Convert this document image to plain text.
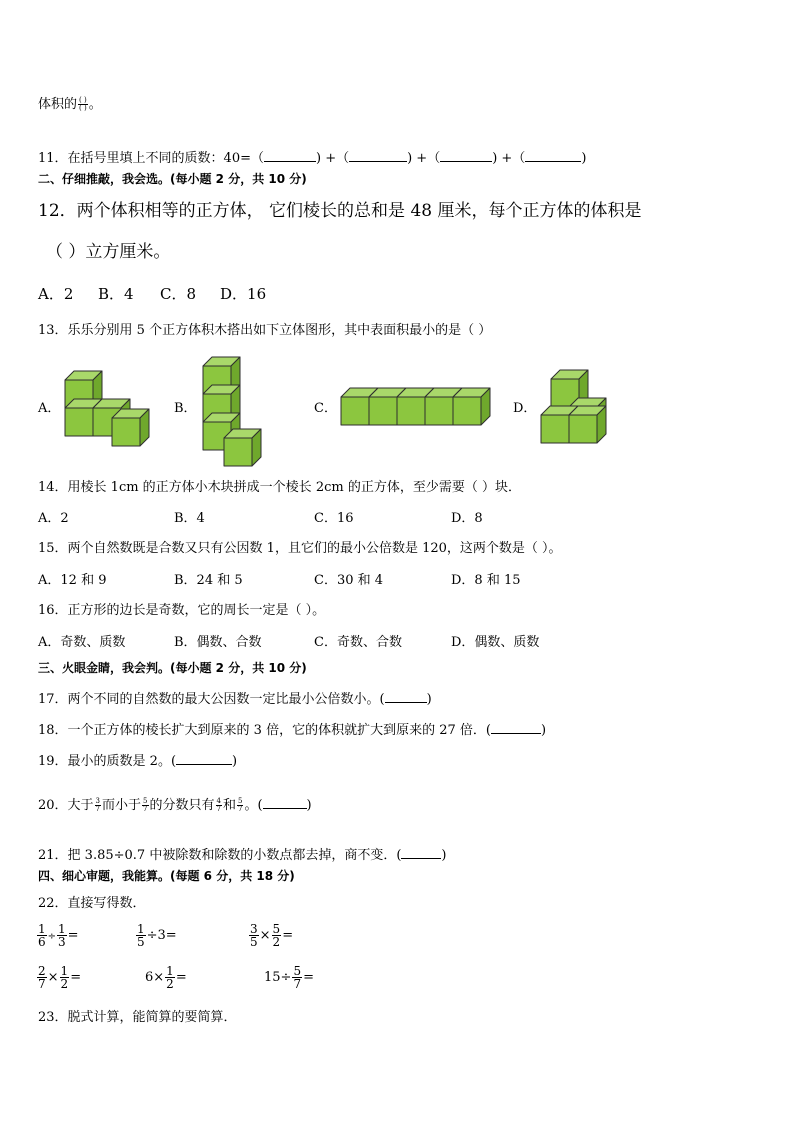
体积的 $\frac{( )}{( )}$ 。
11．在括号里填上不同的质数：40=（	) +（	) +（	) +（	)
二、仔细推敲，我会选。(每小题 2 分，共 10 分)
12．两个体积相等的正方体， 它们棱长的总和是 48 厘米，每个正方体的体积是
（ ）立方厘米。
A．2 B．4 C．8 D．16
13．乐乐分别用 5 个正方体积木搭出如下立体图形，其中表面积最小的是（ ）
A．	B．	C．	D．
14．用棱长 1cm 的正方体小木块拼成一个棱长 2cm 的正方体，至少需要（ ）块．
A．2	B．4	C．16	D．8
15．两个自然数既是合数又只有公因数 1，且它们的最小公倍数是 120，这两个数是（ ）。
A．12 和 9	B．24 和 5	C．30 和 4	D．8 和 15
16．正方形的边长是奇数，它的周长一定是（ ）。
A．奇数、质数	B．偶数、合数	C．奇数、合数	D．偶数、质数
三、火眼金睛，我会判。(每小题 2 分，共 10 分)
17．两个不同的自然数的最大公因数一定比最小公倍数小。(	)
18．一个正方体的棱长扩大到原来的 3 倍，它的体积就扩大到原来的 27 倍．(	)
19．最小的质数是 2。(	)
20．大于 $\frac{3}{7}$ 而小于 $\frac{5}{7}$ 的分数只有 $\frac{4}{7}$ 和 $\frac{5}{7}$ 。(	)
21．把 3.85÷0.7 中被除数和除数的小数点都去掉，商不变．(	)
四、细心审题，我能算。(每题 6 分，共 18 分)
22．直接写得数．
$\frac{1}{6} \div \frac{1}{3}$ =	$\frac{1}{5} \div 3=$	$\frac{3}{5} \times \frac{5}{2}$ =
$\frac{2}{7} \times \frac{1}{2}$ =	$6\times \frac{1}{2}$ =	$15\div \frac{5}{7}$ =
23．脱式计算，能简算的要简算．
